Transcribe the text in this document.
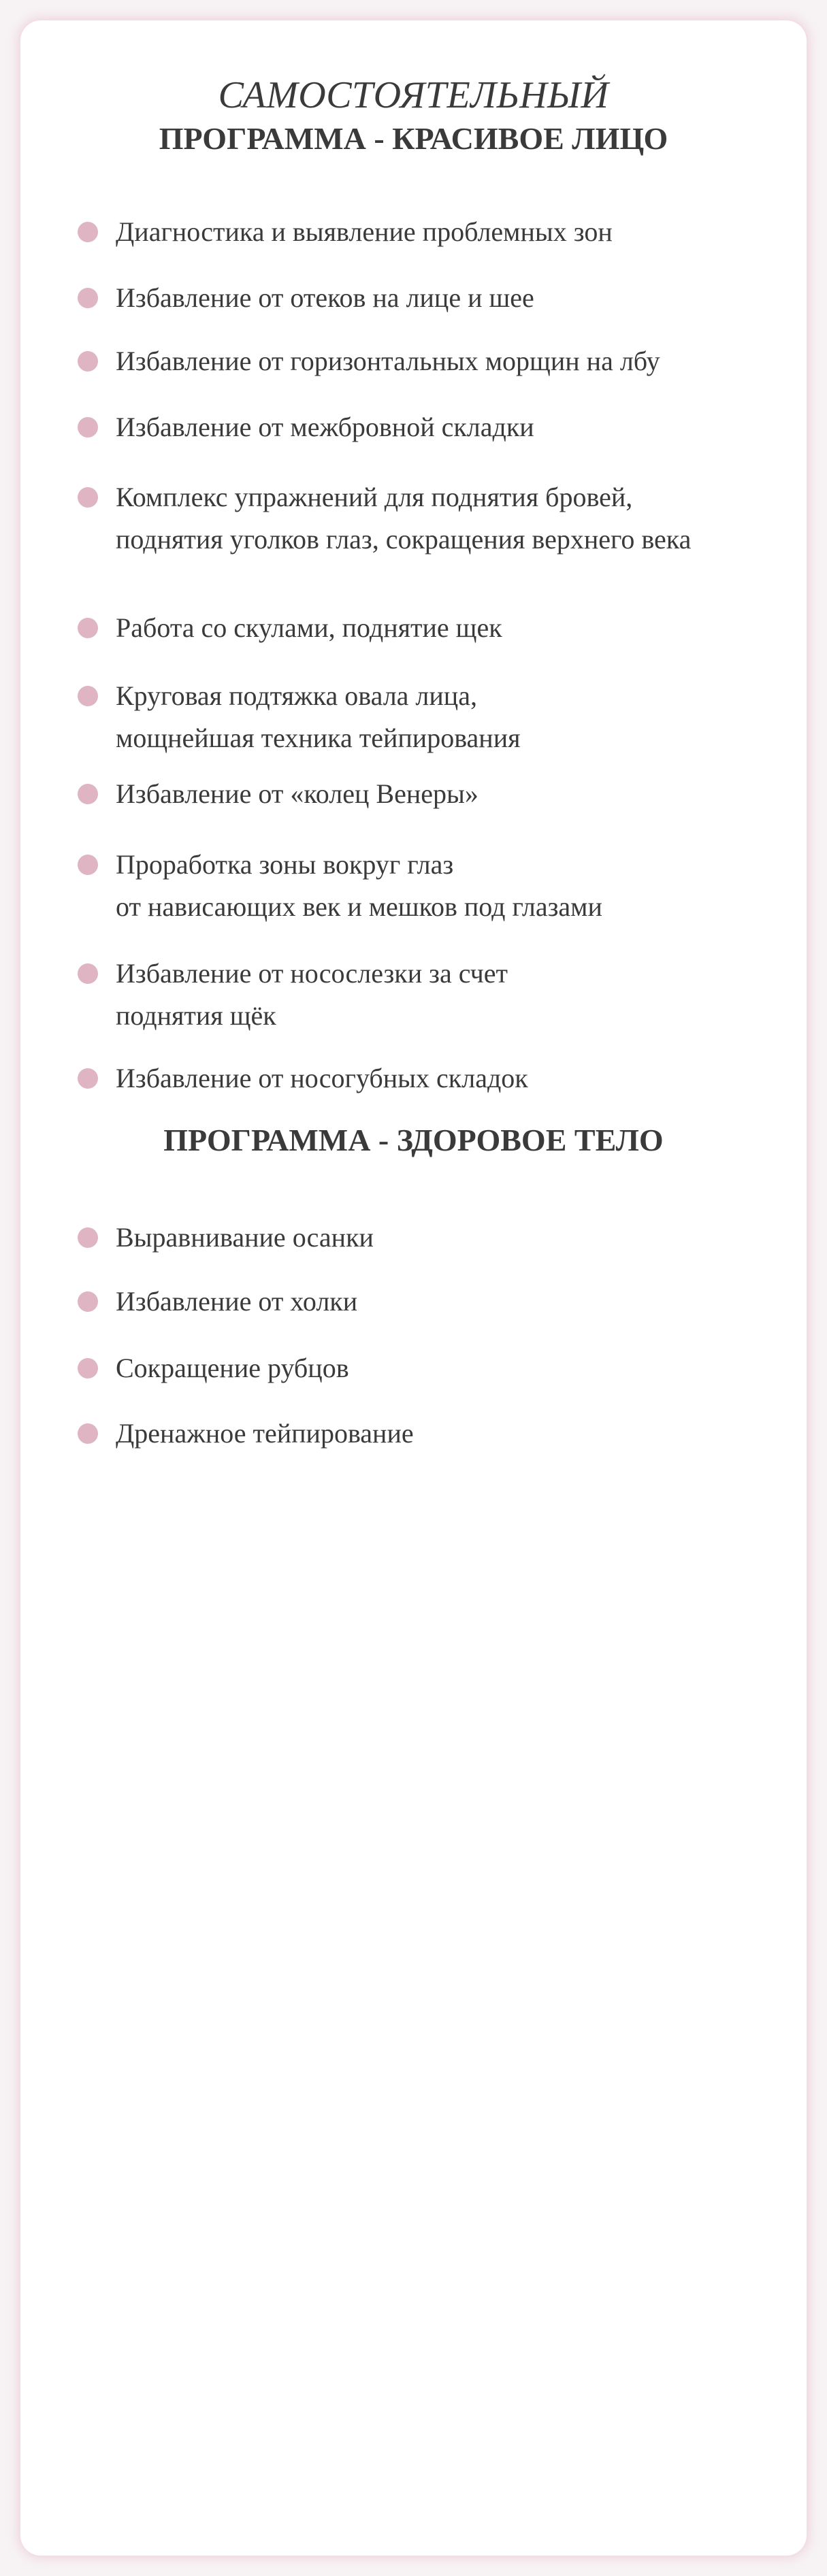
САМОСТОЯТЕЛЬНЫЙ
ПРОГРАММА - КРАСИВОЕ ЛИЦО
Диагностика и выявление проблемных зон
Избавление от отеков на лице и шее
Избавление от горизонтальных морщин на лбу
Избавление от межбровной складки
Комплекс упражнений для поднятия бровей,
поднятия уголков глаз, сокращения верхнего века
Работа со скулами, поднятие щек
Круговая подтяжка овала лица,
мощнейшая техника тейпирования
Избавление от «колец Венеры»
Проработка зоны вокруг глаз
от нависающих век и мешков под глазами
Избавление от носослезки за счет
поднятия щёк
Избавление от носогубных складок
ПРОГРАММА - ЗДОРОВОЕ ТЕЛО
Выравнивание осанки
Избавление от холки
Сокращение рубцов
Дренажное тейпирование
